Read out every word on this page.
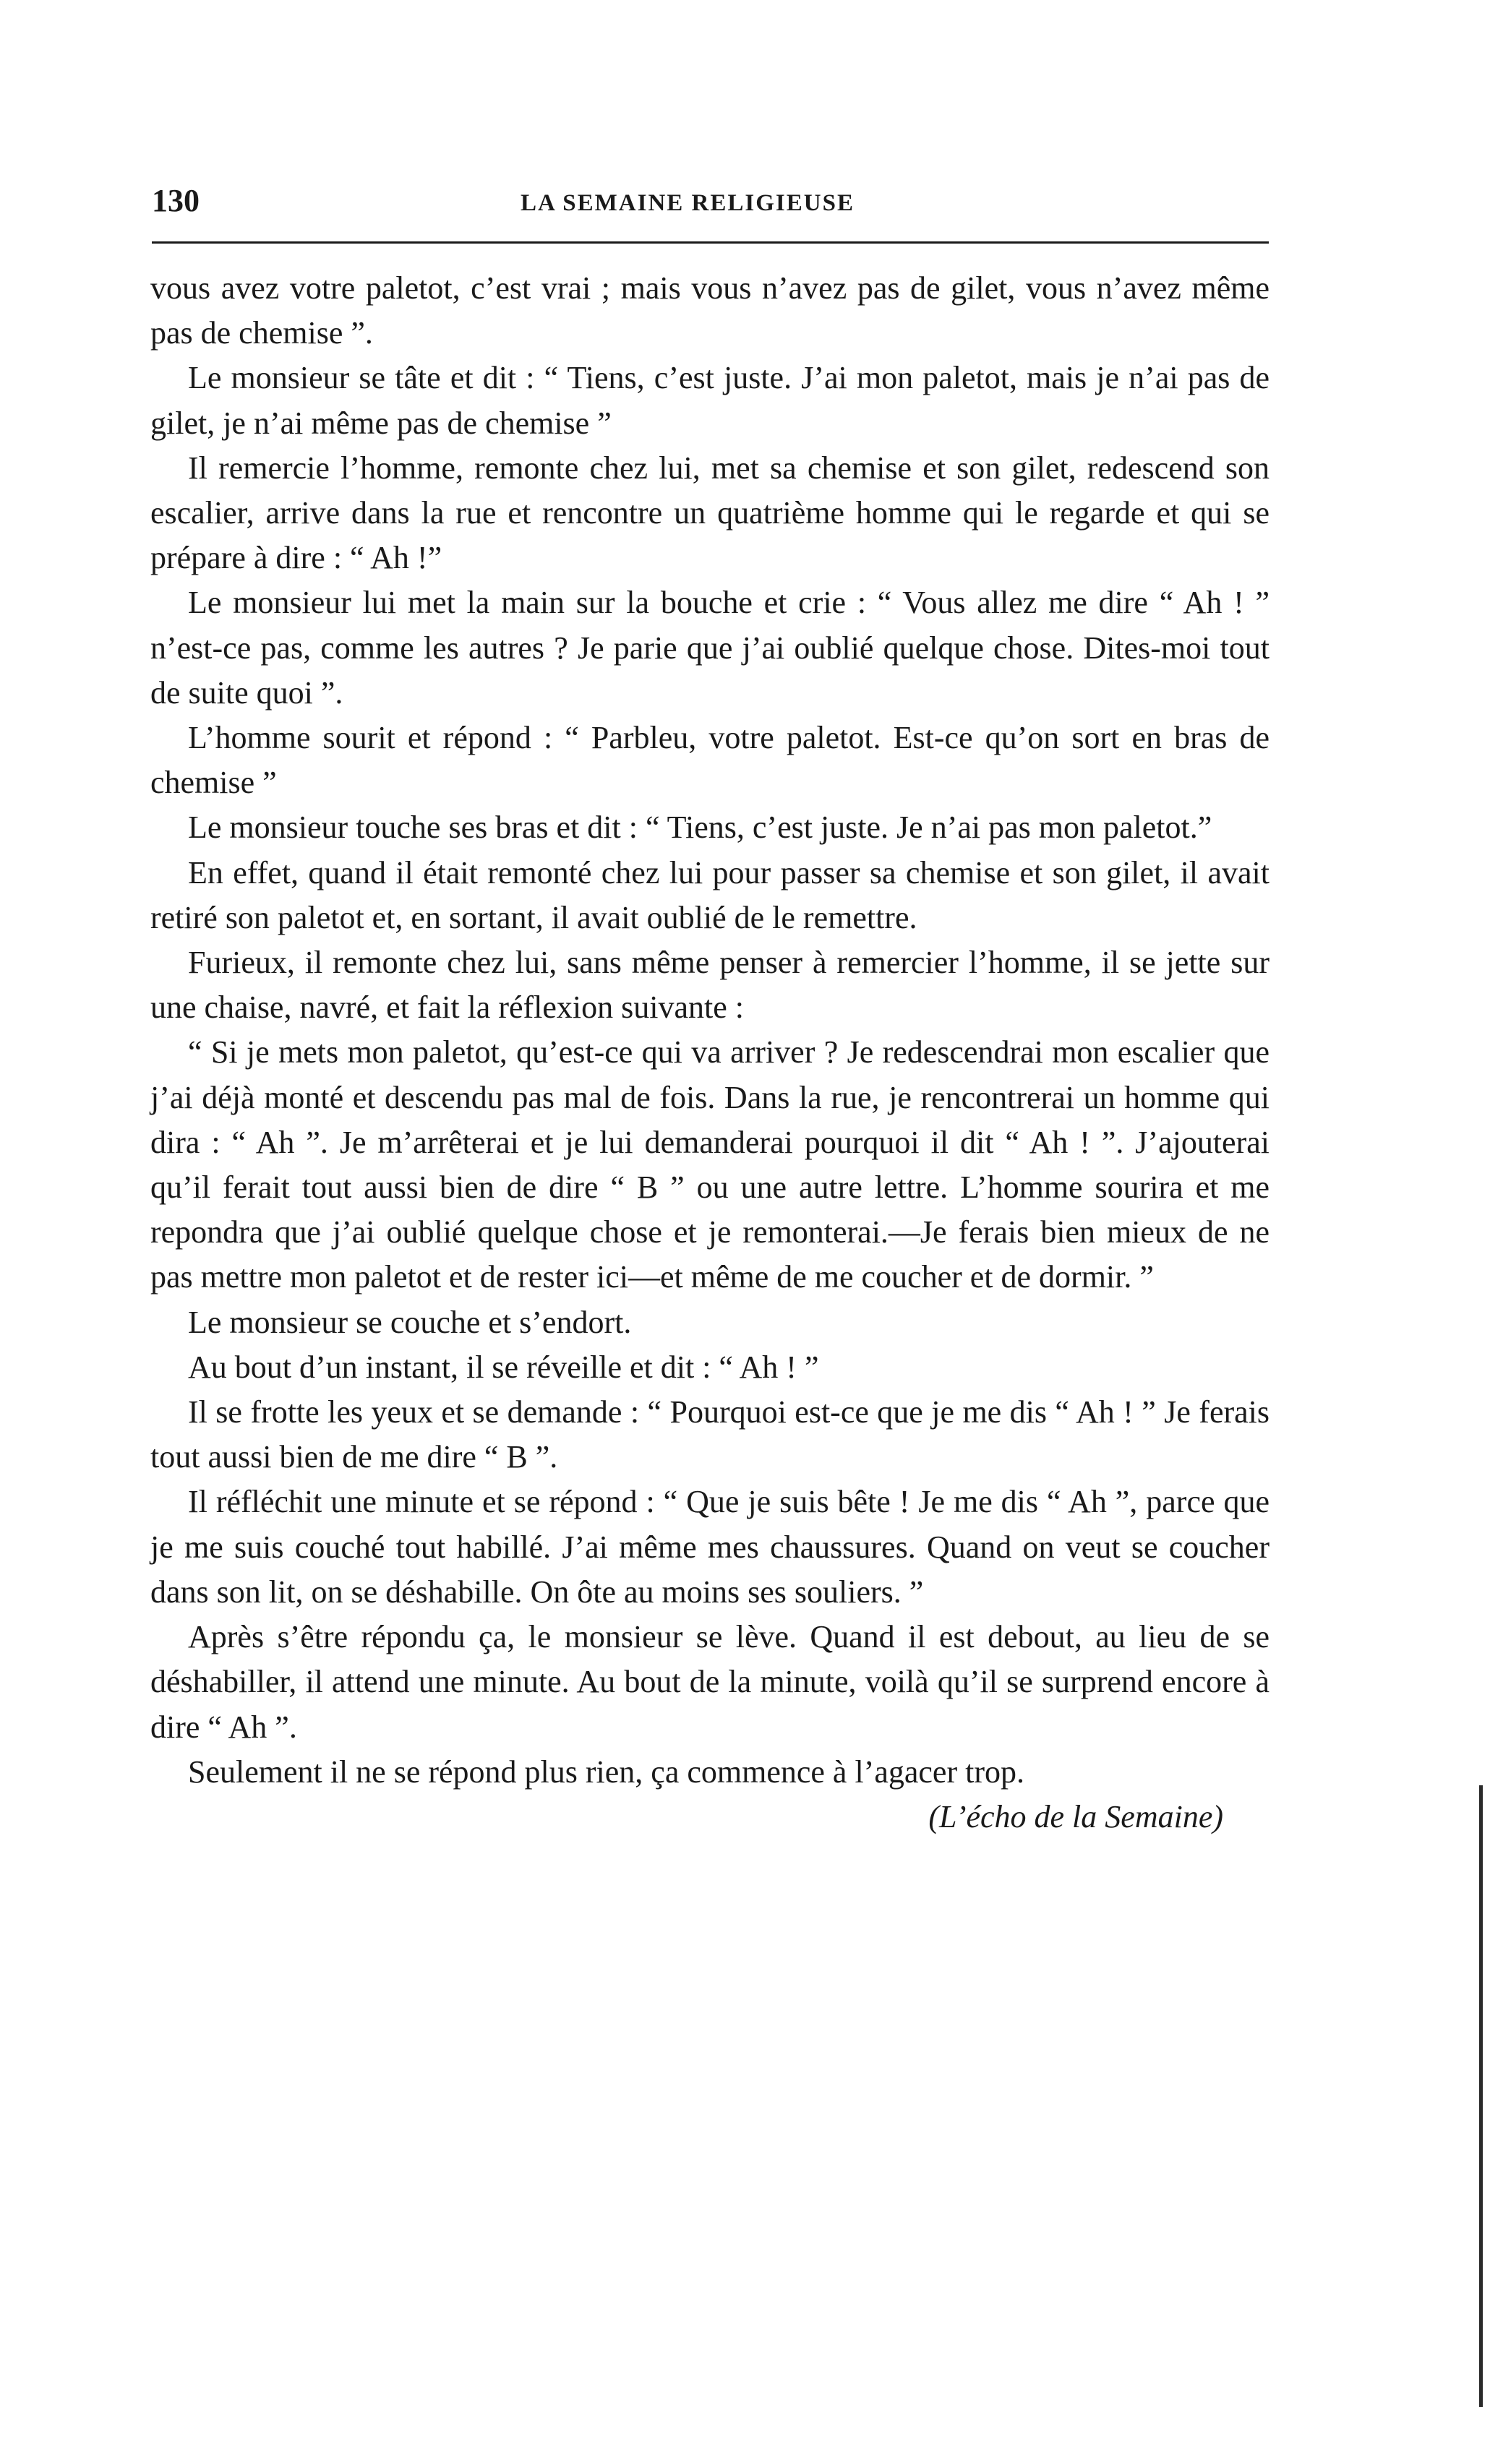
130	LA SEMAINE RELIGIEUSE

vous avez votre paletot, c’est vrai ; mais vous n’avez pas de gilet, vous n’avez même pas de chemise ”.

Le monsieur se tâte et dit : “ Tiens, c’est juste. J’ai mon paletot, mais je n’ai pas de gilet, je n’ai même pas de chemise ”

Il remercie l’homme, remonte chez lui, met sa chemise et son gilet, redescend son escalier, arrive dans la rue et rencontre un quatrième homme qui le regarde et qui se prépare à dire : “ Ah !”

Le monsieur lui met la main sur la bouche et crie : “ Vous allez me dire “ Ah ! ” n’est-ce pas, comme les autres ? Je parie que j’ai oublié quelque chose. Dites-moi tout de suite quoi ”.

L’homme sourit et répond : “ Parbleu, votre paletot. Est-ce qu’on sort en bras de chemise ”

Le monsieur touche ses bras et dit : “ Tiens, c’est juste. Je n’ai pas mon paletot.”

En effet, quand il était remonté chez lui pour passer sa chemise et son gilet, il avait retiré son paletot et, en sortant, il avait oublié de le remettre.

Furieux, il remonte chez lui, sans même penser à remercier l’homme, il se jette sur une chaise, navré, et fait la réflexion suivante :

“ Si je mets mon paletot, qu’est-ce qui va arriver ? Je redescendrai mon escalier que j’ai déjà monté et descendu pas mal de fois. Dans la rue, je rencontrerai un homme qui dira : “ Ah ”. Je m’arrêterai et je lui demanderai pourquoi il dit “ Ah ! ”. J’ajouterai qu’il ferait tout aussi bien de dire “ B ” ou une autre lettre. L’homme sourira et me repondra que j’ai oublié quelque chose et je remonterai.—Je ferais bien mieux de ne pas mettre mon paletot et de rester ici—et même de me coucher et de dormir. ”

Le monsieur se couche et s’endort.

Au bout d’un instant, il se réveille et dit : “ Ah ! ”

Il se frotte les yeux et se demande : “ Pourquoi est-ce que je me dis “ Ah ! ” Je ferais tout aussi bien de me dire “ B ”.

Il réfléchit une minute et se répond : “ Que je suis bête ! Je me dis “ Ah ”, parce que je me suis couché tout habillé. J’ai même mes chaussures. Quand on veut se coucher dans son lit, on se déshabille. On ôte au moins ses souliers. ”

Après s’être répondu ça, le monsieur se lève. Quand il est debout, au lieu de se déshabiller, il attend une minute. Au bout de la minute, voilà qu’il se surprend encore à dire “ Ah ”.

Seulement il ne se répond plus rien, ça commence à l’agacer trop.
(L’écho de la Semaine)
